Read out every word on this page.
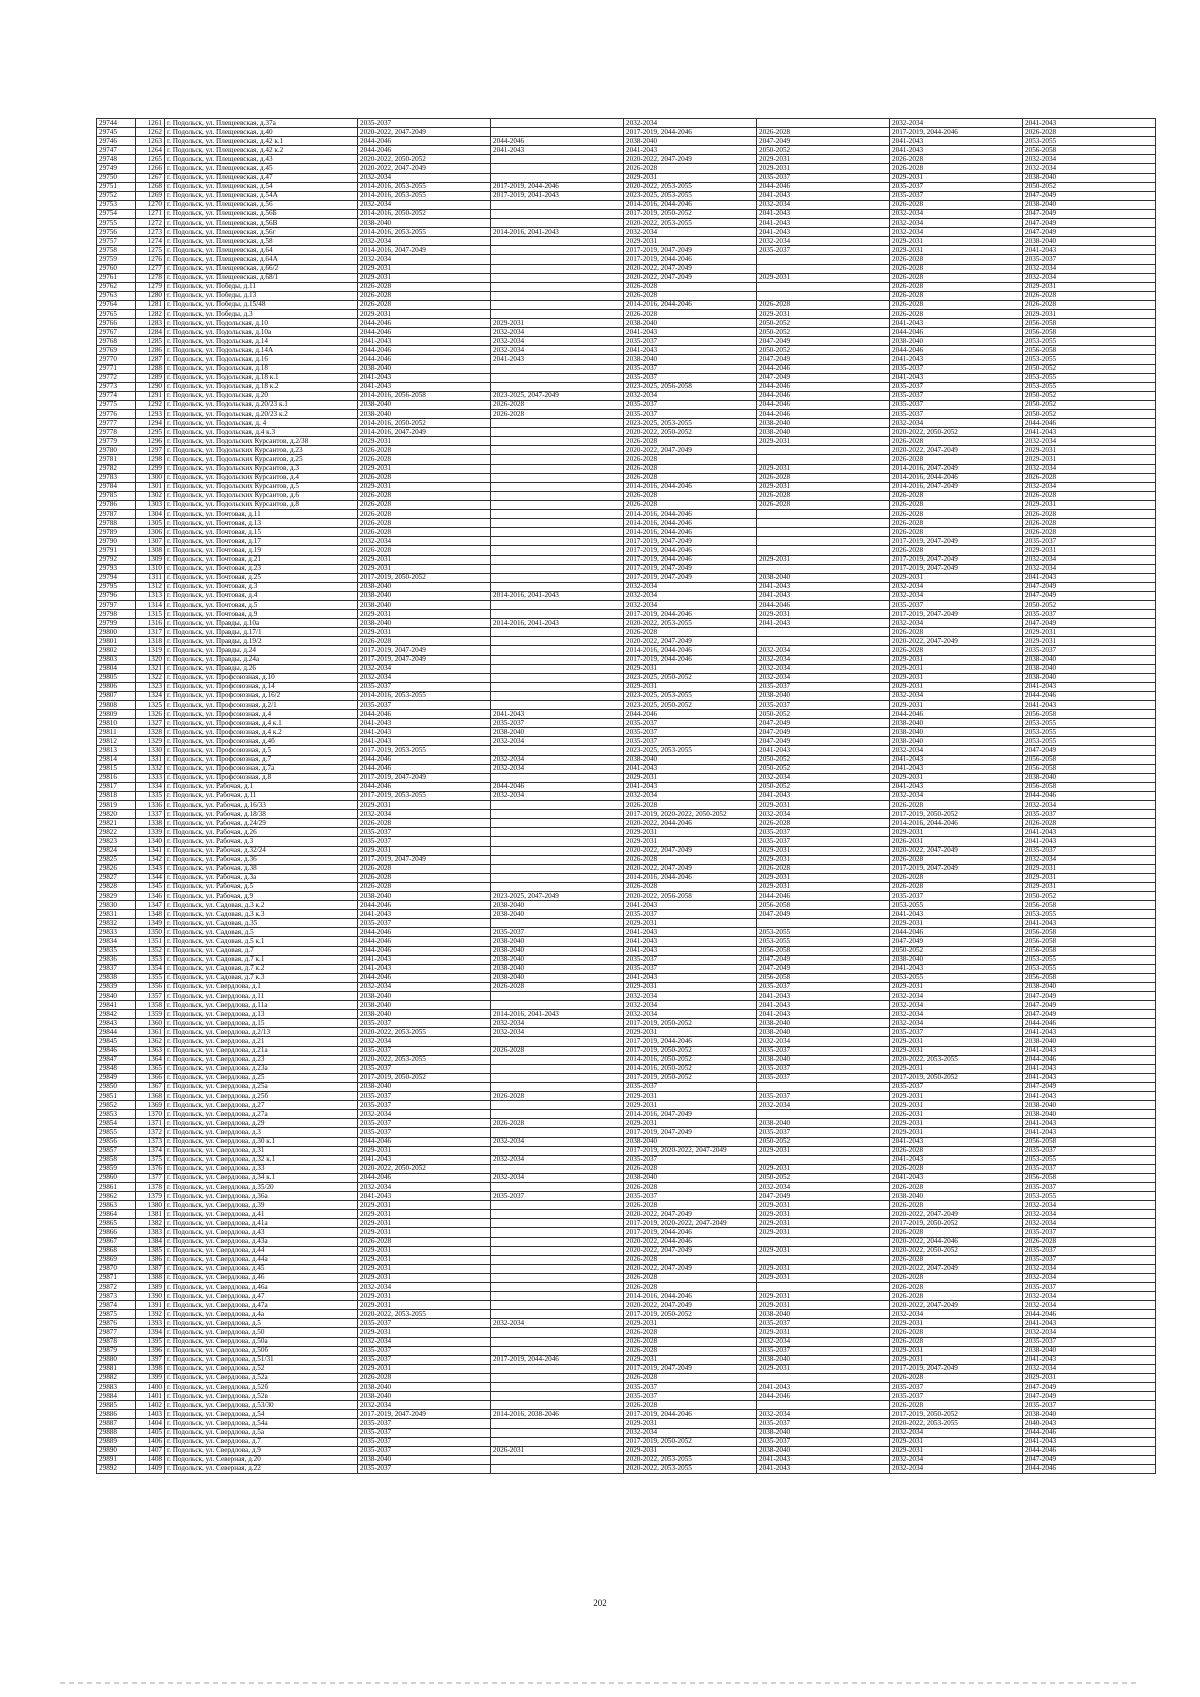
29744	1261	г. Подольск, ул. Плещеевская, д.37а	2035-2037		2032-2034		2032-2034	2041-2043
29745	1262	г. Подольск, ул. Плещеевская, д.40	2020-2022, 2047-2049		2017-2019, 2044-2046	2026-2028	2017-2019, 2044-2046	2026-2028
29746	1263	г. Подольск, ул. Плещеевская, д.42 к.1	2044-2046	2044-2046	2038-2040	2047-2049	2041-2043	2053-2055
29747	1264	г. Подольск, ул. Плещеевская, д.42 к.2	2044-2046	2041-2043	2041-2043	2050-2052	2041-2043	2056-2058
29748	1265	г. Подольск, ул. Плещеевская, д.43	2020-2022, 2050-2052		2020-2022, 2047-2049	2029-2031	2026-2028	2032-2034
29749	1266	г. Подольск, ул. Плещеевская, д.45	2020-2022, 2047-2049		2026-2028	2029-2031	2026-2028	2032-2034
29750	1267	г. Подольск, ул. Плещеевская, д.47	2032-2034		2029-2031	2035-2037	2029-2031	2038-2040
29751	1268	г. Подольск, ул. Плещеевская, д.54	2014-2016, 2053-2055	2017-2019, 2044-2046	2020-2022, 2053-2055	2044-2046	2035-2037	2050-2052
29752	1269	г. Подольск, ул. Плещеевская, д.54А	2014-2016, 2053-2055	2017-2019, 2041-2043	2023-2025, 2053-2055	2041-2043	2035-2037	2047-2049
29753	1270	г. Подольск, ул. Плещеевская, д.56	2032-2034		2014-2016, 2044-2046	2032-2034	2026-2028	2038-2040
29754	1271	г. Подольск, ул. Плещеевская, д.56Б	2014-2016, 2050-2052		2017-2019, 2050-2052	2041-2043	2032-2034	2047-2049
29755	1272	г. Подольск, ул. Плещеевская, д.56В	2038-2040		2020-2022, 2053-2055	2041-2043	2032-2034	2047-2049
29756	1273	г. Подольск, ул. Плещеевская, д.56г	2014-2016, 2053-2055	2014-2016, 2041-2043	2032-2034	2041-2043	2032-2034	2047-2049
29757	1274	г. Подольск, ул. Плещеевская, д.58	2032-2034		2029-2031	2032-2034	2029-2031	2038-2040
29758	1275	г. Подольск, ул. Плещеевская, д.64	2014-2016, 2047-2049		2017-2019, 2047-2049	2035-2037	2029-2031	2041-2043
29759	1276	г. Подольск, ул. Плещеевская, д.64А	2032-2034		2017-2019, 2044-2046		2026-2028	2035-2037
29760	1277	г. Подольск, ул. Плещеевская, д.66/2	2029-2031		2020-2022, 2047-2049		2026-2028	2032-2034
29761	1278	г. Подольск, ул. Плещеевская, д.68/1	2029-2031		2020-2022, 2047-2049	2029-2031	2026-2028	2032-2034
29762	1279	г. Подольск, ул. Победы, д.11	2026-2028		2026-2028		2026-2028	2029-2031
29763	1280	г. Подольск, ул. Победы, д.13	2026-2028		2026-2028		2026-2028	2026-2028
29764	1281	г. Подольск, ул. Победы, д.15/48	2026-2028		2014-2016, 2044-2046	2026-2028	2026-2028	2026-2028
29765	1282	г. Подольск, ул. Победы, д.3	2029-2031		2026-2028	2029-2031	2026-2028	2029-2031
29766	1283	г. Подольск, ул. Подольская, д.10	2044-2046	2029-2031	2038-2040	2050-2052	2041-2043	2056-2058
29767	1284	г. Подольск, ул. Подольская, д.10а	2044-2046	2032-2034	2041-2043	2050-2052	2044-2046	2056-2058
29768	1285	г. Подольск, ул. Подольская, д.14	2041-2043	2032-2034	2035-2037	2047-2049	2038-2040	2053-2055
29769	1286	г. Подольск, ул. Подольская, д.14А	2044-2046	2032-2034	2041-2043	2050-2052	2044-2046	2056-2058
29770	1287	г. Подольск, ул. Подольская, д.16	2044-2046	2041-2043	2038-2040	2047-2049	2041-2043	2053-2055
29771	1288	г. Подольск, ул. Подольская, д.18	2038-2040		2035-2037	2044-2046	2035-2037	2050-2052
29772	1289	г. Подольск, ул. Подольская, д.18 к.1	2041-2043		2035-2037	2047-2049	2041-2043	2053-2055
29773	1290	г. Подольск, ул. Подольская, д.18 к.2	2041-2043		2023-2025, 2056-2058	2044-2046	2035-2037	2053-2055
29774	1291	г. Подольск, ул. Подольская, д.20	2014-2016, 2056-2058	2023-2025, 2047-2049	2032-2034	2044-2046	2035-2037	2050-2052
29775	1292	г. Подольск, ул. Подольская, д.20/23 к.1	2038-2040	2026-2028	2035-2037	2044-2046	2035-2037	2050-2052
29776	1293	г. Подольск, ул. Подольская, д.20/23 к.2	2038-2040	2026-2028	2035-2037	2044-2046	2035-2037	2050-2052
29777	1294	г. Подольск, ул. Подольская, д. 4	2014-2016, 2050-2052		2023-2025, 2053-2055	2038-2040	2032-2034	2044-2046
29778	1295	г. Подольск, ул. Подольская, д.4 к.3	2014-2016, 2047-2049		2020-2022, 2050-2052	2038-2040	2020-2022, 2050-2052	2041-2043
29779	1296	г. Подольск, ул. Подольских Курсантов, д.2/38	2029-2031		2026-2028	2029-2031	2026-2028	2032-2034
29780	1297	г. Подольск, ул. Подольских Курсантов, д.23	2026-2028		2020-2022, 2047-2049		2020-2022, 2047-2049	2029-2031
29781	1298	г. Подольск, ул. Подольских Курсантов, д.25	2026-2028		2026-2028		2026-2028	2029-2031
29782	1299	г. Подольск, ул. Подольских Курсантов, д.3	2029-2031		2026-2028	2029-2031	2014-2016, 2047-2049	2032-2034
29783	1300	г. Подольск, ул. Подольских Курсантов, д.4	2026-2028		2026-2028	2026-2028	2014-2016, 2044-2046	2026-2028
29784	1301	г. Подольск, ул. Подольских Курсантов, д.5	2029-2031		2014-2016, 2044-2046	2029-2031	2014-2016, 2047-2049	2032-2034
29785	1302	г. Подольск, ул. Подольских Курсантов, д.6	2026-2028		2026-2028	2026-2028	2026-2028	2026-2028
29786	1303	г. Подольск, ул. Подольских Курсантов, д.8	2026-2028		2026-2028	2026-2028	2026-2028	2029-2031
29787	1304	г. Подольск, ул. Почтовая, д.11	2026-2028		2014-2016, 2044-2046		2026-2028	2026-2028
29788	1305	г. Подольск, ул. Почтовая, д.13	2026-2028		2014-2016, 2044-2046		2026-2028	2026-2028
29789	1306	г. Подольск, ул. Почтовая, д.15	2026-2028		2014-2016, 2044-2046		2026-2028	2026-2028
29790	1307	г. Подольск, ул. Почтовая, д.17	2032-2034		2017-2019, 2047-2049		2017-2019, 2047-2049	2035-2037
29791	1308	г. Подольск, ул. Почтовая, д.19	2026-2028		2017-2019, 2044-2046		2026-2028	2029-2031
29792	1309	г. Подольск, ул. Почтовая, д.21	2029-2031		2017-2019, 2044-2046	2029-2031	2017-2019, 2047-2049	2032-2034
29793	1310	г. Подольск, ул. Почтовая, д.23	2029-2031		2017-2019, 2047-2049		2017-2019, 2047-2049	2032-2034
29794	1311	г. Подольск, ул. Почтовая, д.25	2017-2019, 2050-2052		2017-2019, 2047-2049	2038-2040	2029-2031	2041-2043
29795	1312	г. Подольск, ул. Почтовая, д.3	2038-2040		2032-2034	2041-2043	2032-2034	2047-2049
29796	1313	г. Подольск, ул. Почтовая, д.4	2038-2040	2014-2016, 2041-2043	2032-2034	2041-2043	2032-2034	2047-2049
29797	1314	г. Подольск, ул. Почтовая, д.5	2038-2040		2032-2034	2044-2046	2035-2037	2050-2052
29798	1315	г. Подольск, ул. Почтовая, д.9	2029-2031		2017-2019, 2044-2046	2029-2031	2017-2019, 2047-2049	2035-2037
29799	1316	г. Подольск, ул. Правды, д.10а	2038-2040	2014-2016, 2041-2043	2020-2022, 2053-2055	2041-2043	2032-2034	2047-2049
29800	1317	г. Подольск, ул. Правды, д.17/1	2029-2031		2026-2028		2026-2028	2029-2031
29801	1318	г. Подольск, ул. Правды, д.19/2	2026-2028		2020-2022, 2047-2049		2020-2022, 2047-2049	2029-2031
29802	1319	г. Подольск, ул. Правды, д.24	2017-2019, 2047-2049		2014-2016, 2044-2046	2032-2034	2026-2028	2035-2037
29803	1320	г. Подольск, ул. Правды, д.24а	2017-2019, 2047-2049		2017-2019, 2044-2046	2032-2034	2029-2031	2038-2040
29804	1321	г. Подольск, ул. Правды, д.26	2032-2034		2029-2031	2032-2034	2029-2031	2038-2040
29805	1322	г. Подольск, ул. Профсоюзная, д.10	2032-2034		2023-2025, 2050-2052	2032-2034	2029-2031	2038-2040
29806	1323	г. Подольск, ул. Профсоюзная, д.14	2035-2037		2029-2031	2035-2037	2029-2031	2041-2043
29807	1324	г. Подольск, ул. Профсоюзная, д.16/2	2014-2016, 2053-2055		2023-2025, 2053-2055	2038-2040	2032-2034	2044-2046
29808	1325	г. Подольск, ул. Профсоюзная, д.2/1	2035-2037		2023-2025, 2050-2052	2035-2037	2029-2031	2041-2043
29809	1326	г. Подольск, ул. Профсоюзная, д.4	2044-2046	2041-2043	2044-2046	2050-2052	2044-2046	2056-2058
29810	1327	г. Подольск, ул. Профсоюзная, д.4 к.1	2041-2043	2035-2037	2035-2037	2047-2049	2038-2040	2053-2055
29811	1328	г. Подольск, ул. Профсоюзная, д.4 к.2	2041-2043	2038-2040	2035-2037	2047-2049	2038-2040	2053-2055
29812	1329	г. Подольск, ул. Профсоюзная, д.4б	2041-2043	2032-2034	2035-2037	2047-2049	2038-2040	2053-2055
29813	1330	г. Подольск, ул. Профсоюзная, д.5	2017-2019, 2053-2055		2023-2025, 2053-2055	2041-2043	2032-2034	2047-2049
29814	1331	г. Подольск, ул. Профсоюзная, д.7	2044-2046	2032-2034	2038-2040	2050-2052	2041-2043	2056-2058
29815	1332	г. Подольск, ул. Профсоюзная, д.7а	2044-2046	2032-2034	2041-2043	2050-2052	2041-2043	2056-2058
29816	1333	г. Подольск, ул. Профсоюзная, д.8	2017-2019, 2047-2049		2029-2031	2032-2034	2029-2031	2038-2040
29817	1334	г. Подольск, ул. Рабочая, д.1	2044-2046	2044-2046	2041-2043	2050-2052	2041-2043	2056-2058
29818	1335	г. Подольск, ул. Рабочая, д.11	2017-2019, 2053-2055	2032-2034	2032-2034	2041-2043	2032-2034	2044-2046
29819	1336	г. Подольск, ул. Рабочая, д.16/33	2029-2031		2026-2028	2029-2031	2026-2028	2032-2034
29820	1337	г. Подольск, ул. Рабочая, д.18/38	2032-2034		2017-2019, 2020-2022, 2050-2052	2032-2034	2017-2019, 2050-2052	2035-2037
29821	1338	г. Подольск, ул. Рабочая, д.24/29	2026-2028		2020-2022, 2044-2046	2026-2028	2014-2016, 2044-2046	2026-2028
29822	1339	г. Подольск, ул. Рабочая, д.26	2035-2037		2029-2031	2035-2037	2029-2031	2041-2043
29823	1340	г. Подольск, ул. Рабочая, д.3	2035-2037		2029-2031	2035-2037	2026-2031	2041-2043
29824	1341	г. Подольск, ул. Рабочая, д.32/24	2029-2031		2020-2022, 2047-2049	2029-2031	2020-2022, 2047-2049	2035-2037
29825	1342	г. Подольск, ул. Рабочая, д.36	2017-2019, 2047-2049		2026-2028	2029-2031	2026-2028	2032-2034
29826	1343	г. Подольск, ул. Рабочая, д.38	2026-2028		2020-2022, 2047-2049	2026-2028	2017-2019, 2047-2049	2029-2031
29827	1344	г. Подольск, ул. Рабочая, д.3а	2026-2028		2014-2016, 2044-2046	2029-2031	2026-2028	2029-2031
29828	1345	г. Подольск, ул. Рабочая, д.5	2026-2028		2026-2028	2029-2031	2026-2028	2029-2031
29829	1346	г. Подольск, ул. Рабочая, д.9	2038-2040	2023-2025, 2047-2049	2020-2022, 2056-2058	2044-2046	2035-2037	2050-2052
29830	1347	г. Подольск, ул. Садовая, д.3 к.2	2044-2046	2038-2040	2041-2043	2056-2058	2053-2055	2056-2058
29831	1348	г. Подольск, ул. Садовая, д.3 к.3	2041-2043	2038-2040	2035-2037	2047-2049	2041-2043	2053-2055
29832	1349	г. Подольск, ул. Садовая, д.35	2035-2037		2029-2031		2029-2031	2041-2043
29833	1350	г. Подольск, ул. Садовая, д.5	2044-2046	2035-2037	2041-2043	2053-2055	2044-2046	2056-2058
29834	1351	г. Подольск, ул. Садовая, д.5 к.1	2044-2046	2038-2040	2041-2043	2053-2055	2047-2049	2056-2058
29835	1352	г. Подольск, ул. Садовая, д.7	2044-2046	2038-2040	2041-2043	2056-2058	2050-2052	2056-2058
29836	1353	г. Подольск, ул. Садовая, д.7 к.1	2041-2043	2038-2040	2035-2037	2047-2049	2038-2040	2053-2055
29837	1354	г. Подольск, ул. Садовая, д.7 к.2	2041-2043	2038-2040	2035-2037	2047-2049	2041-2043	2053-2055
29838	1355	г. Подольск, ул. Садовая, д.7 к.3	2044-2046	2038-2040	2041-2043	2056-2058	2053-2055	2056-2058
29839	1356	г. Подольск, ул. Свердлова, д.1	2032-2034	2026-2028	2029-2031	2035-2037	2029-2031	2038-2040
29840	1357	г. Подольск, ул. Свердлова, д.11	2038-2040		2032-2034	2041-2043	2032-2034	2047-2049
29841	1358	г. Подольск, ул. Свердлова, д.11а	2038-2040		2032-2034	2041-2043	2032-2034	2047-2049
29842	1359	г. Подольск, ул. Свердлова, д.13	2038-2040	2014-2016, 2041-2043	2032-2034	2041-2043	2032-2034	2047-2049
29843	1360	г. Подольск, ул. Свердлова, д.15	2035-2037	2032-2034	2017-2019, 2050-2052	2038-2040	2032-2034	2044-2046
29844	1361	г. Подольск, ул. Свердлова, д.2/13	2020-2022, 2053-2055	2032-2034	2029-2031	2038-2040	2035-2037	2041-2043
29845	1362	г. Подольск, ул. Свердлова, д.21	2032-2034		2017-2019, 2044-2046	2032-2034	2029-2031	2038-2040
29846	1363	г. Подольск, ул. Свердлова, д.21а	2035-2037	2026-2028	2017-2019, 2050-2052	2035-2037	2029-2031	2041-2043
29847	1364	г. Подольск, ул. Свердлова, д.23	2020-2022, 2053-2055		2014-2016, 2050-2052	2038-2040	2020-2022, 2053-2055	2044-2046
29848	1365	г. Подольск, ул. Свердлова, д.23а	2035-2037		2014-2016, 2050-2052	2035-2037	2029-2031	2041-2043
29849	1366	г. Подольск, ул. Свердлова, д.25	2017-2019, 2050-2052		2017-2019, 2050-2052	2035-2037	2017-2019, 2050-2052	2041-2043
29850	1367	г. Подольск, ул. Свердлова, д.25а	2038-2040		2035-2037		2035-2037	2047-2049
29851	1368	г. Подольск, ул. Свердлова, д.25б	2035-2037	2026-2028	2029-2031	2035-2037	2029-2031	2041-2043
29852	1369	г. Подольск, ул. Свердлова, д.27	2035-2037		2029-2031	2032-2034	2029-2031	2038-2040
29853	1370	г. Подольск, ул. Свердлова, д.27а	2032-2034		2014-2016, 2047-2049		2026-2031	2038-2040
29854	1371	г. Подольск, ул. Свердлова, д.29	2035-2037	2026-2028	2029-2031	2038-2040	2029-2031	2041-2043
29855	1372	г. Подольск, ул. Свердлова, д.3	2035-2037		2017-2019, 2047-2049	2035-2037	2029-2031	2041-2043
29856	1373	г. Подольск, ул. Свердлова, д.30 к.1	2044-2046	2032-2034	2038-2040	2050-2052	2041-2043	2056-2058
29857	1374	г. Подольск, ул. Свердлова, д.31	2029-2031		2017-2019, 2020-2022, 2047-2049	2029-2031	2026-2028	2035-2037
29858	1375	г. Подольск, ул. Свердлова, д.32 к.1	2041-2043	2032-2034	2035-2037		2041-2043	2053-2055
29859	1376	г. Подольск, ул. Свердлова, д.33	2020-2022, 2050-2052		2026-2028	2029-2031	2026-2028	2035-2037
29860	1377	г. Подольск, ул. Свердлова, д.34 к.1	2044-2046	2032-2034	2038-2040	2050-2052	2041-2043	2056-2058
29861	1378	г. Подольск, ул. Свердлова, д.35/20	2032-2034		2026-2028	2032-2034	2026-2028	2035-2037
29862	1379	г. Подольск, ул. Свердлова, д.36а	2041-2043	2035-2037	2035-2037	2047-2049	2038-2040	2053-2055
29863	1380	г. Подольск, ул. Свердлова, д.39	2029-2031		2026-2028	2029-2031	2026-2028	2032-2034
29864	1381	г. Подольск, ул. Свердлова, д.41	2029-2031		2020-2022, 2047-2049	2029-2031	2020-2022, 2047-2049	2032-2034
29865	1382	г. Подольск, ул. Свердлова, д.41а	2029-2031		2017-2019, 2020-2022, 2047-2049	2029-2031	2017-2019, 2050-2052	2032-2034
29866	1383	г. Подольск, ул. Свердлова, д.43	2029-2031		2017-2019, 2044-2046	2029-2031	2026-2028	2035-2037
29867	1384	г. Подольск, ул. Свердлова, д.43а	2026-2028		2020-2022, 2044-2046		2020-2022, 2044-2046	2026-2028
29868	1385	г. Подольск, ул. Свердлова, д.44	2029-2031		2020-2022, 2047-2049	2029-2031	2020-2022, 2050-2052	2035-2037
29869	1386	г. Подольск, ул. Свердлова, д.44а	2029-2031		2026-2028		2026-2028	2035-2037
29870	1387	г. Подольск, ул. Свердлова, д.45	2029-2031		2020-2022, 2047-2049	2029-2031	2020-2022, 2047-2049	2032-2034
29871	1388	г. Подольск, ул. Свердлова, д.46	2029-2031		2026-2028	2029-2031	2026-2028	2032-2034
29872	1389	г. Подольск, ул. Свердлова, д.46а	2032-2034		2026-2028		2026-2028	2035-2037
29873	1390	г. Подольск, ул. Свердлова, д.47	2029-2031		2014-2016, 2044-2046	2029-2031	2026-2028	2032-2034
29874	1391	г. Подольск, ул. Свердлова, д.47а	2029-2031		2020-2022, 2047-2049	2029-2031	2020-2022, 2047-2049	2032-2034
29875	1392	г. Подольск, ул. Свердлова, д.4а	2020-2022, 2053-2055		2017-2019, 2050-2052	2038-2040	2032-2034	2044-2046
29876	1393	г. Подольск, ул. Свердлова, д.5	2035-2037	2032-2034	2029-2031	2035-2037	2029-2031	2041-2043
29877	1394	г. Подольск, ул. Свердлова, д.50	2029-2031		2026-2028	2029-2031	2026-2028	2032-2034
29878	1395	г. Подольск, ул. Свердлова, д.50а	2032-2034		2026-2028	2032-2034	2026-2028	2035-2037
29879	1396	г. Подольск, ул. Свердлова, д.50б	2035-2037		2026-2028	2035-2037	2029-2031	2038-2040
29880	1397	г. Подольск, ул. Свердлова, д.51/31	2035-2037	2017-2019, 2044-2046	2029-2031	2038-2040	2029-2031	2041-2043
29881	1398	г. Подольск, ул. Свердлова, д.52	2029-2031		2017-2019, 2047-2049	2029-2031	2017-2019, 2047-2049	2032-2034
29882	1399	г. Подольск, ул. Свердлова, д.52а	2026-2028		2026-2028		2026-2028	2029-2031
29883	1400	г. Подольск, ул. Свердлова, д.52б	2038-2040		2035-2037	2041-2043	2035-2037	2047-2049
29884	1401	г. Подольск, ул. Свердлова, д.52в	2038-2040		2035-2037	2044-2046	2035-2037	2047-2049
29885	1402	г. Подольск, ул. Свердлова, д.53/30	2032-2034		2026-2028		2026-2028	2035-2037
29886	1403	г. Подольск, ул. Свердлова, д.54	2017-2019, 2047-2049	2014-2016, 2038-2046	2017-2019, 2044-2046	2032-2034	2017-2019, 2050-2052	2038-2040
29887	1404	г. Подольск, ул. Свердлова, д.54а	2035-2037		2029-2031	2035-2037	2020-2022, 2053-2055	2040-2043
29888	1405	г. Подольск, ул. Свердлова, д.5а	2035-2037		2032-2034	2038-2040	2032-2034	2044-2046
29889	1406	г. Подольск, ул. Свердлова, д.7	2035-2037		2017-2019, 2050-2052	2035-2037	2029-2031	2041-2043
29890	1407	г. Подольск, ул. Свердлова, д.9	2035-2037	2026-2031	2029-2031	2038-2040	2029-2031	2044-2046
29891	1408	г. Подольск, ул. Северная, д.20	2038-2040		2020-2022, 2053-2055	2041-2043	2032-2034	2047-2049
29892	1409	г. Подольск, ул. Северная, д.22	2035-2037		2020-2022, 2053-2055	2041-2043	2032-2034	2044-2046
202
